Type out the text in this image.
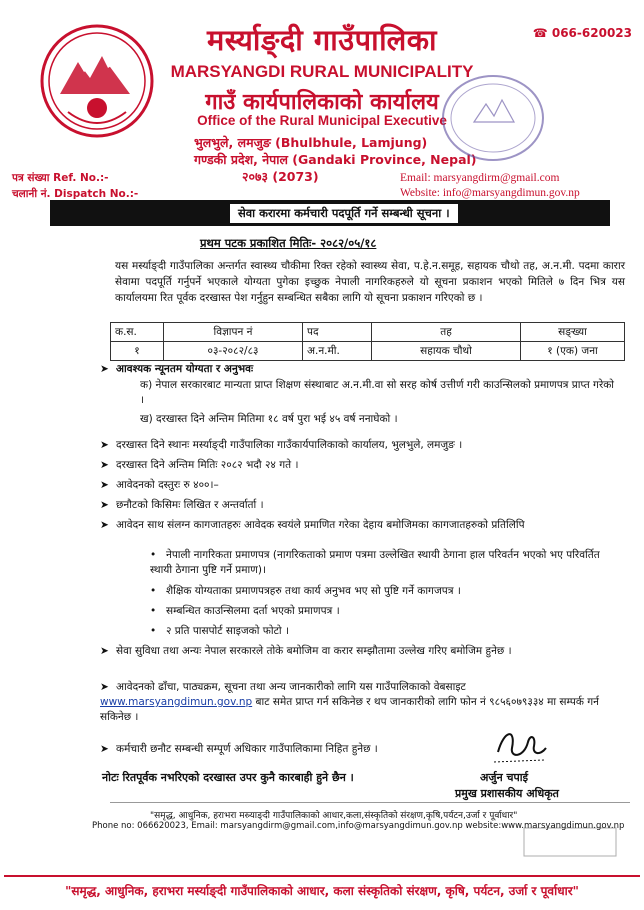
☎ 066-620023
मर्स्याङ्दी गाउँपालिका
MARSYANGDI RURAL MUNICIPALITY
गाउँ कार्यपालिकाको कार्यालय
Office of the Rural Municipal Executive
भुलभुले, लमजुङ (Bhulbhule, Lamjung)
गण्डकी प्रदेश, नेपाल (Gandaki Province, Nepal)
२०७३ (2073)
पत्र संख्या Ref. No.:-
चलानी नं. Dispatch No.:-
Email: marsyangdirm@gmail.com
Website: info@marsyangdimun.gov.np
सेवा करारमा कर्मचारी पदपूर्ति गर्ने सम्बन्धी सूचना ।
प्रथम पटक प्रकाशित मितिः- २०८२/०५/१८
यस मर्स्याङ्दी गाउँपालिका अन्तर्गत स्वास्थ्य चौकीमा रिक्त रहेको स्वास्थ्य सेवा, प.हे.न.समूह, सहायक चौथो तह, अ.न.मी. पदमा कारार सेवामा पदपूर्ति गर्नुपर्ने भएकाले योग्यता पुगेका इच्छुक नेपाली नागरिकहरुले यो सूचना प्रकाशन भएको मितिले ७ दिन भित्र यस कार्यालयमा रित पूर्वक दरखास्त पेश गर्नुहुन सम्बन्धित सबैका लागि यो सूचना प्रकाशन गरिएको छ ।
क.स.	विज्ञापन नं	पद	तह	सङ्ख्या
१	०३-२०८२/८३	अ.न.मी.	सहायक चौथो	१ (एक) जना
➤ आवश्यक न्यूनतम योग्यता र अनुभवः
क) नेपाल सरकारबाट मान्यता प्राप्त शिक्षण संस्थाबाट अ.न.मी.वा सो सरह कोर्ष उत्तीर्ण गरी काउन्सिलको प्रमाणपत्र प्राप्त गरेको ।
ख) दरखास्त दिने अन्तिम मितिमा १८ वर्ष पुरा भई ४५ वर्ष ननाघेको ।
➤ दरखास्त दिने स्थानः मर्स्याङ्दी गाउँपालिका गाउँकार्यपालिकाको कार्यालय, भुलभुले, लमजुङ ।
➤ दरखास्त दिने अन्तिम मितिः २०८२ भदौ २४ गते ।
➤ आवेदनको दस्तुरः रु ४००।–
➤ छनौटको किसिमः लिखित र अन्तर्वार्ता ।
➤ आवेदन साथ संलग्न कागजातहरुः आवेदक स्वयंले प्रमाणित गरेका देहाय बमोजिमका कागजातहरुको प्रतिलिपि
• नेपाली नागरिकता प्रमाणपत्र (नागरिकताको प्रमाण पत्रमा उल्लेखित स्थायी ठेगाना हाल परिवर्तन भएको भए परिवर्तित स्थायी ठेगाना पुष्टि गर्ने प्रमाण)।
• शैक्षिक योग्यताका प्रमाणपत्रहरु तथा कार्य अनुभव भए सो पुष्टि गर्ने कागजपत्र ।
• सम्बन्धित काउन्सिलमा दर्ता भएको प्रमाणपत्र ।
• २ प्रति पासपोर्ट साइजको फोटो ।
➤ सेवा सुविधा तथा अन्यः नेपाल सरकारले तोके बमोजिम वा करार सम्झौतामा उल्लेख गरिए बमोजिम हुनेछ ।
➤ आवेदनको ढाँचा, पाठ्यक्रम, सूचना तथा अन्य जानकारीको लागि यस गाउँपालिकाको वेबसाइट www.marsyangdimun.gov.np बाट समेत प्राप्त गर्न सकिनेछ र थप जानकारीको लागि फोन नं ९८५६०७९३३४ मा सम्पर्क गर्न सकिनेछ ।
➤ कर्मचारी छनौट सम्बन्धी सम्पूर्ण अधिकार गाउँपालिकामा निहित हुनेछ ।
नोटः रितपूर्वक नभरिएको दरखास्त उपर कुनै कारबाही हुने छैन ।	अर्जुन चपाई
प्रमुख प्रशासकीय अधिकृत
"समृद्ध, आधुनिक, हराभरा मस्र्याङ्दी गाउँपालिकाको आधार,कला,संस्कृतिको संरक्षण,कृषि,पर्यटन,उर्जा र पूर्वाधार"
Phone no: 066620023, Email: marsyangdirm@gmail.com,info@marsyangdimun.gov.np website:www.marsyangdimun.gov.np
"समृद्ध, आधुनिक, हराभरा मर्स्याङ्दी गाउँपालिकाको आधार, कला संस्कृतिको संरक्षण, कृषि, पर्यटन, उर्जा र पूर्वाधार"
